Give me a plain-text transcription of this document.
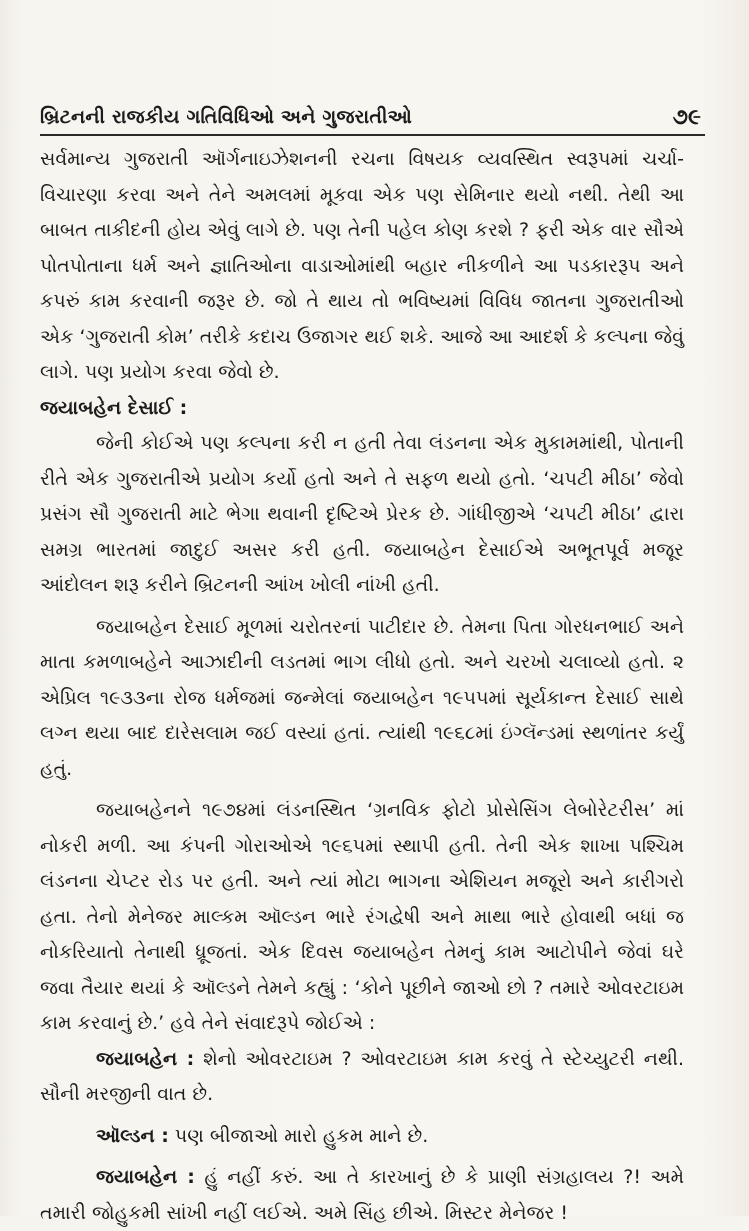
બ્રિટનની રાજકીય ગતિવિધિઓ અને ગુજરાતીઓ	૭૯

સર્વમાન્ય ગુજરાતી ઑર્ગનાઇઝેશનની રચના વિષયક વ્યવસ્થિત સ્વરૂપમાં ચર્ચા-વિચારણા કરવા અને તેને અમલમાં મૂકવા એક પણ સેમિનાર થયો નથી. તેથી આ બાબત તાકીદની હોય એવું લાગે છે. પણ તેની પહેલ કોણ કરશે ? ફરી એક વાર સૌએ પોતપોતાના ધર્મ અને જ્ઞાતિઓના વાડાઓમાંથી બહાર નીકળીને આ પડકારરૂપ અને કપરું કામ કરવાની જરૂર છે. જો તે થાય તો ભવિષ્યમાં વિવિધ જાતના ગુજરાતીઓ એક ‘ગુજરાતી કોમ’ તરીકે કદાચ ઉજાગર થઈ શકે. આજે આ આદર્શ કે કલ્પના જેવું લાગે. પણ પ્રયોગ કરવા જેવો છે.

જયાબહેન દેસાઈ :

જેની કોઈએ પણ કલ્પના કરી ન હતી તેવા લંડનના એક મુકામમાંથી, પોતાની રીતે એક ગુજરાતીએ પ્રયોગ કર્યો હતો અને તે સફળ થયો હતો. ‘ચપટી મીઠા’ જેવો પ્રસંગ સૌ ગુજરાતી માટે ભેગા થવાની દૃષ્ટિએ પ્રેરક છે. ગાંધીજીએ ‘ચપટી મીઠા’ દ્વારા સમગ્ર ભારતમાં જાદુઈ અસર કરી હતી. જયાબહેન દેસાઈએ અભૂતપૂર્વ મજૂર આંદોલન શરૂ કરીને બ્રિટનની આંખ ખોલી નાંખી હતી.

જયાબહેન દેસાઈ મૂળમાં ચરોતરનાં પાટીદાર છે. તેમના પિતા ગોરધનભાઈ અને માતા કમળાબહેને આઝાદીની લડતમાં ભાગ લીધો હતો. અને ચરખો ચલાવ્યો હતો. ૨ એપ્રિલ ૧૯૩૩ના રોજ ધર્મજમાં જન્મેલાં જયાબહેન ૧૯૫૫માં સૂર્યકાન્ત દેસાઈ સાથે લગ્ન થયા બાદ દારેસલામ જઈ વસ્યાં હતાં. ત્યાંથી ૧૯૬૮માં ઇંગ્લૅન્ડમાં સ્થળાંતર કર્યું હતું.

જયાબહેનને ૧૯૭૪માં લંડનસ્થિત ‘ગ્રનવિક ફોટો પ્રોસેસિંગ લેબોરેટરીસ’ માં નોકરી મળી. આ કંપની ગોરાઓએ ૧૯૬૫માં સ્થાપી હતી. તેની એક શાખા પશ્ચિમ લંડનના ચેપ્ટર રોડ પર હતી. અને ત્યાં મોટા ભાગના એશિયન મજૂરો અને કારીગરો હતા. તેનો મેનેજર માલ્કમ ઑલ્ડન ભારે રંગદ્વેષી અને માથા ભારે હોવાથી બધાં જ નોકરિયાતો તેનાથી ધ્રૂજતાં. એક દિવસ જયાબહેન તેમનું કામ આટોપીને જેવાં ઘરે જવા તૈયાર થયાં કે ઑલ્ડને તેમને કહ્યું : ‘કોને પૂછીને જાઓ છો ? તમારે ઓવરટાઇમ કામ કરવાનું છે.’ હવે તેને સંવાદરૂપે જોઈએ :

જયાબહેન : શેનો ઓવરટાઇમ ? ઓવરટાઇમ કામ કરવું તે સ્ટેચ્યુટરી નથી. સૌની મરજીની વાત છે.

ઑલ્ડન : પણ બીજાઓ મારો હુકમ માને છે.

જયાબહેન : હું નહીં કરું. આ તે કારખાનું છે કે પ્રાણી સંગ્રહાલય ?! અમે તમારી જોહુકમી સાંખી નહીં લઈએ. અમે સિંહ છીએ. મિસ્ટર મેનેજર !
